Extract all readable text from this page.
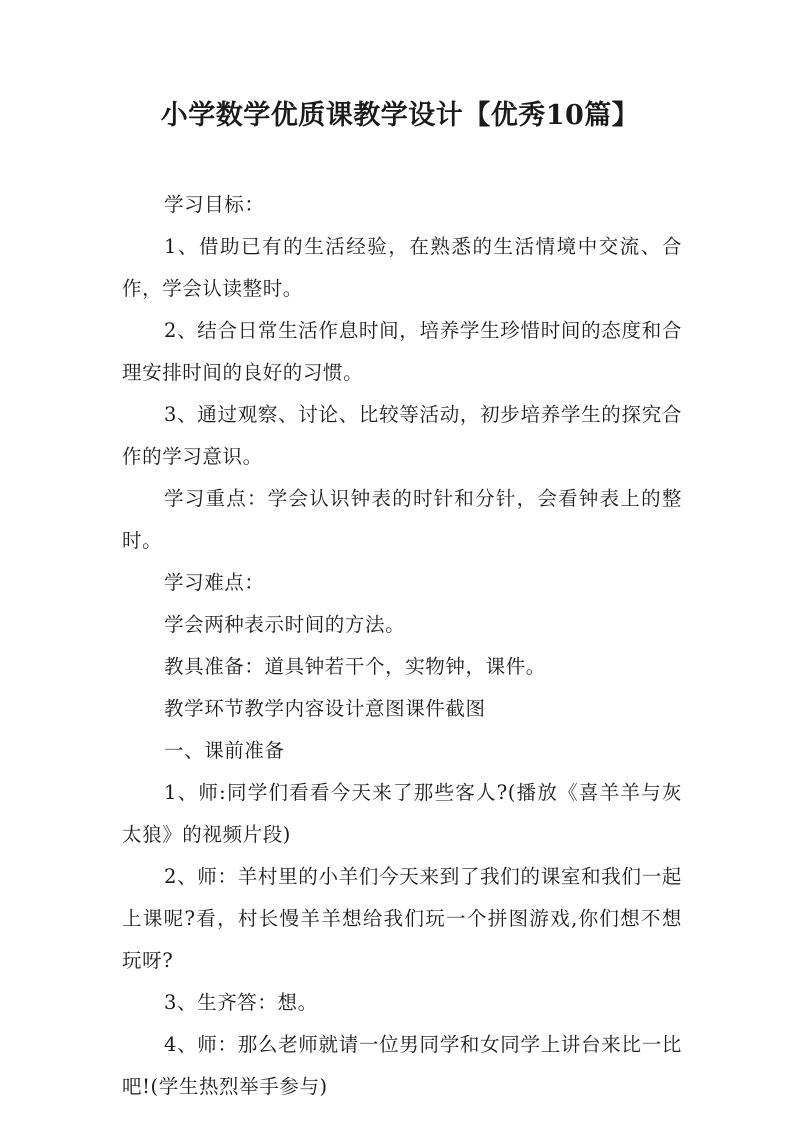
小学数学优质课教学设计【优秀10篇】

学习目标：

1、借助已有的生活经验，在熟悉的生活情境中交流、合作，学会认读整时。

2、结合日常生活作息时间，培养学生珍惜时间的态度和合理安排时间的良好的习惯。

3、通过观察、讨论、比较等活动，初步培养学生的探究合作的学习意识。

学习重点：学会认识钟表的时针和分针，会看钟表上的整时。

学习难点：

学会两种表示时间的方法。

教具准备：道具钟若干个，实物钟，课件。

教学环节教学内容设计意图课件截图

一、课前准备

1、师:同学们看看今天来了那些客人?(播放《喜羊羊与灰太狼》的视频片段)

2、师：羊村里的小羊们今天来到了我们的课室和我们一起上课呢?看，村长慢羊羊想给我们玩一个拼图游戏,你们想不想玩呀?

3、生齐答：想。

4、师：那么老师就请一位男同学和女同学上讲台来比一比吧!(学生热烈举手参与)
